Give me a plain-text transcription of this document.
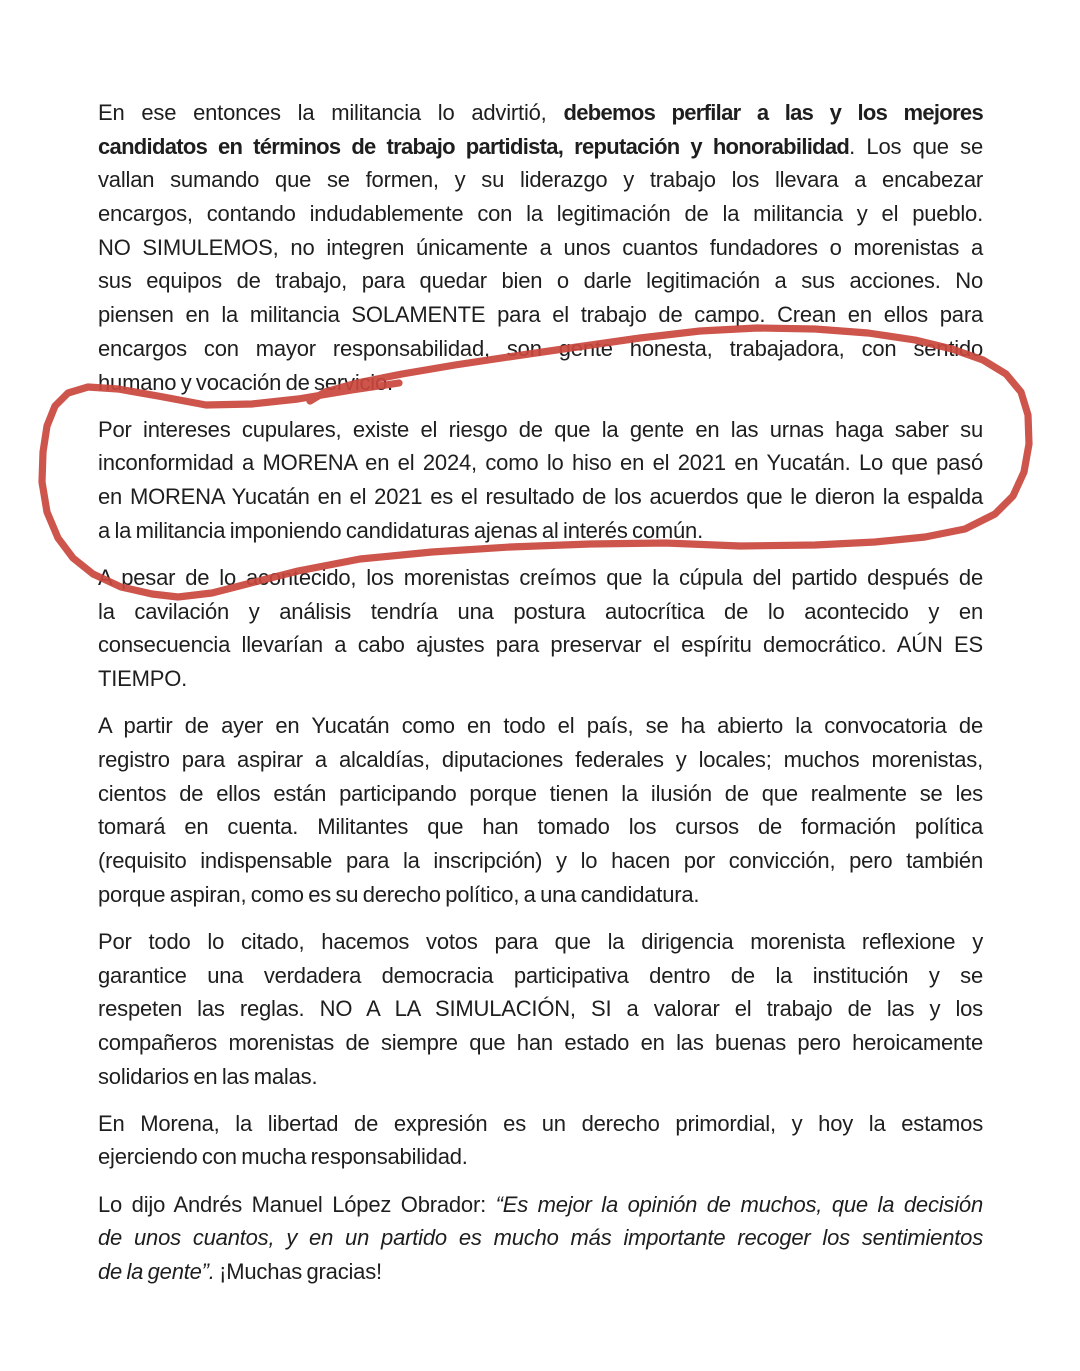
En ese entonces la militancia lo advirtió, debemos perfilar a las y los mejores
candidatos en términos de trabajo partidista, reputación y honorabilidad. Los que se
vallan sumando que se formen, y su liderazgo y trabajo los llevara a encabezar
encargos, contando indudablemente con la legitimación de la militancia y el pueblo.
NO SIMULEMOS, no integren únicamente a unos cuantos fundadores o morenistas a
sus equipos de trabajo, para quedar bien o darle legitimación a sus acciones. No
piensen en la militancia SOLAMENTE para el trabajo de campo. Crean en ellos para
encargos con mayor responsabilidad, son gente honesta, trabajadora, con sentido
humano y vocación de servicio.
Por intereses cupulares, existe el riesgo de que la gente en las urnas haga saber su
inconformidad a MORENA en el 2024, como lo hiso en el 2021 en Yucatán. Lo que pasó
en MORENA Yucatán en el 2021 es el resultado de los acuerdos que le dieron la espalda
a la militancia imponiendo candidaturas ajenas al interés común.
A pesar de lo acontecido, los morenistas creímos que la cúpula del partido después de
la cavilación y análisis tendría una postura autocrítica de lo acontecido y en
consecuencia llevarían a cabo ajustes para preservar el espíritu democrático. AÚN ES
TIEMPO.
A partir de ayer en Yucatán como en todo el país, se ha abierto la convocatoria de
registro para aspirar a alcaldías, diputaciones federales y locales; muchos morenistas,
cientos de ellos están participando porque tienen la ilusión de que realmente se les
tomará en cuenta. Militantes que han tomado los cursos de formación política
(requisito indispensable para la inscripción) y lo hacen por convicción, pero también
porque aspiran, como es su derecho político, a una candidatura.
Por todo lo citado, hacemos votos para que la dirigencia morenista reflexione y
garantice una verdadera democracia participativa dentro de la institución y se
respeten las reglas. NO A LA SIMULACIÓN, SI a valorar el trabajo de las y los
compañeros morenistas de siempre que han estado en las buenas pero heroicamente
solidarios en las malas.
En Morena, la libertad de expresión es un derecho primordial, y hoy la estamos
ejerciendo con mucha responsabilidad.
Lo dijo Andrés Manuel López Obrador: “Es mejor la opinión de muchos, que la decisión
de unos cuantos, y en un partido es mucho más importante recoger los sentimientos
de la gente”. ¡Muchas gracias!
